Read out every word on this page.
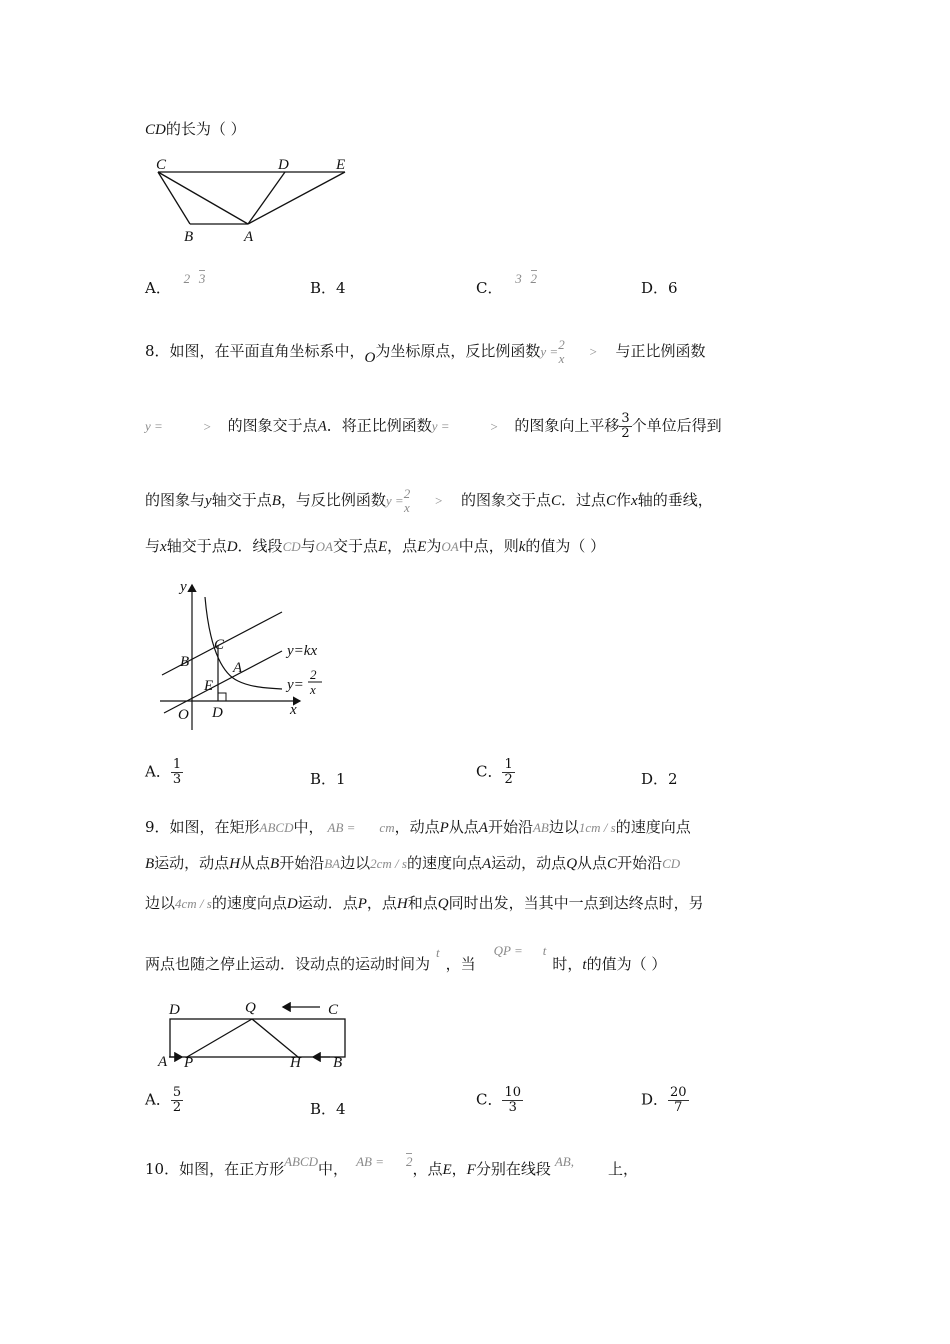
CD的长为（ ）
C	D	E
B	A
A． 2 3
B．4	C． 3 2
D．6
8．如图，在平面直角坐标系中，O为坐标原点，反比例函数y = 2
x > 与正比例函数
y =	> 的图象交于点A．将正比例函数y =	> 的图象向上平移 $\frac{3}{2}$ 个单位后得到
的图象与y轴交于点B，与反比例函数y = 2
x > 的图象交于点C．过点C作x轴的垂线，
与x轴交于点D．线段CD与OA交于点E，点E为OA中点，则k的值为（ ）
y
x
O
B
C
A
E
D
y=kx
y=
2
x
A． $\frac{1}{3}$	B．1	C． $\frac{1}{2}$	D．2
9．如图，在矩形ABCD中， AB = cm，动点P从点A开始沿AB边以1cm / s的速度向点
B运动，动点H从点B开始沿BA边以2cm / s的速度向点A运动，动点Q从点C开始沿CD
边以4cm / s的速度向点D运动．点P，点H和点Q同时出发，当其中一点到达终点时，另
两点也随之停止运动．设动点的运动时间为t，当QP = t时，t的值为（ ）
D	Q	C
A P	H B
A． $\frac{5}{2}$	B．4
C． $\frac{10}{3}$	D． $\frac{20}{7}$
10．如图，在正方形ABCD中， AB = 2，点E，F分别在线段 AB, 上，
